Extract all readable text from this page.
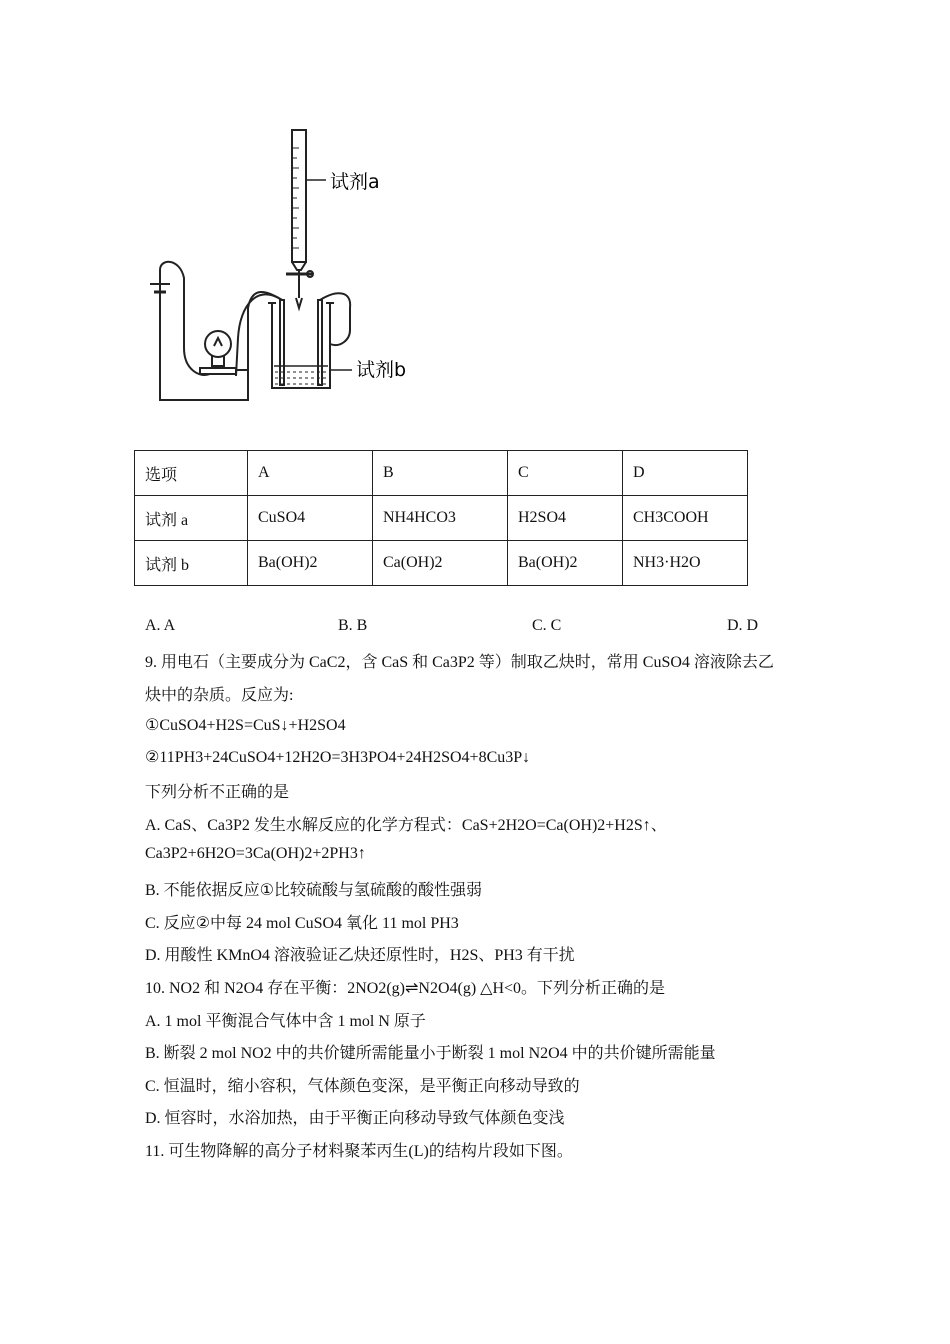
试剂a
试剂b
选项	A	B	C	D
试剂 a	CuSO4	NH4HCO3	H2SO4	CH3COOH
试剂 b	Ba(OH)2	Ca(OH)2	Ba(OH)2	NH3·H2O
A. A	B. B	C. C	D. D
9. 用电石（主要成分为 CaC2，含 CaS 和 Ca3P2 等）制取乙炔时，常用 CuSO4 溶液除去乙
炔中的杂质。反应为:
①CuSO4+H2S=CuS↓+H2SO4
②11PH3+24CuSO4+12H2O=3H3PO4+24H2SO4+8Cu3P↓
下列分析不正确的是
A. CaS、Ca3P2 发生水解反应的化学方程式：CaS+2H2O=Ca(OH)2+H2S↑、
Ca3P2+6H2O=3Ca(OH)2+2PH3↑
B. 不能依据反应①比较硫酸与氢硫酸的酸性强弱
C. 反应②中每 24 mol CuSO4 氧化 11 mol PH3
D. 用酸性 KMnO4 溶液验证乙炔还原性时，H2S、PH3 有干扰
10. NO2 和 N2O4 存在平衡：2NO2(g)⇌N2O4(g) △H<0。下列分析正确的是
A. 1 mol 平衡混合气体中含 1 mol N 原子
B. 断裂 2 mol NO2 中的共价键所需能量小于断裂 1 mol N2O4 中的共价键所需能量
C. 恒温时，缩小容积，气体颜色变深，是平衡正向移动导致的
D. 恒容时，水浴加热，由于平衡正向移动导致气体颜色变浅
11. 可生物降解的高分子材料聚苯丙生(L)的结构片段如下图。
